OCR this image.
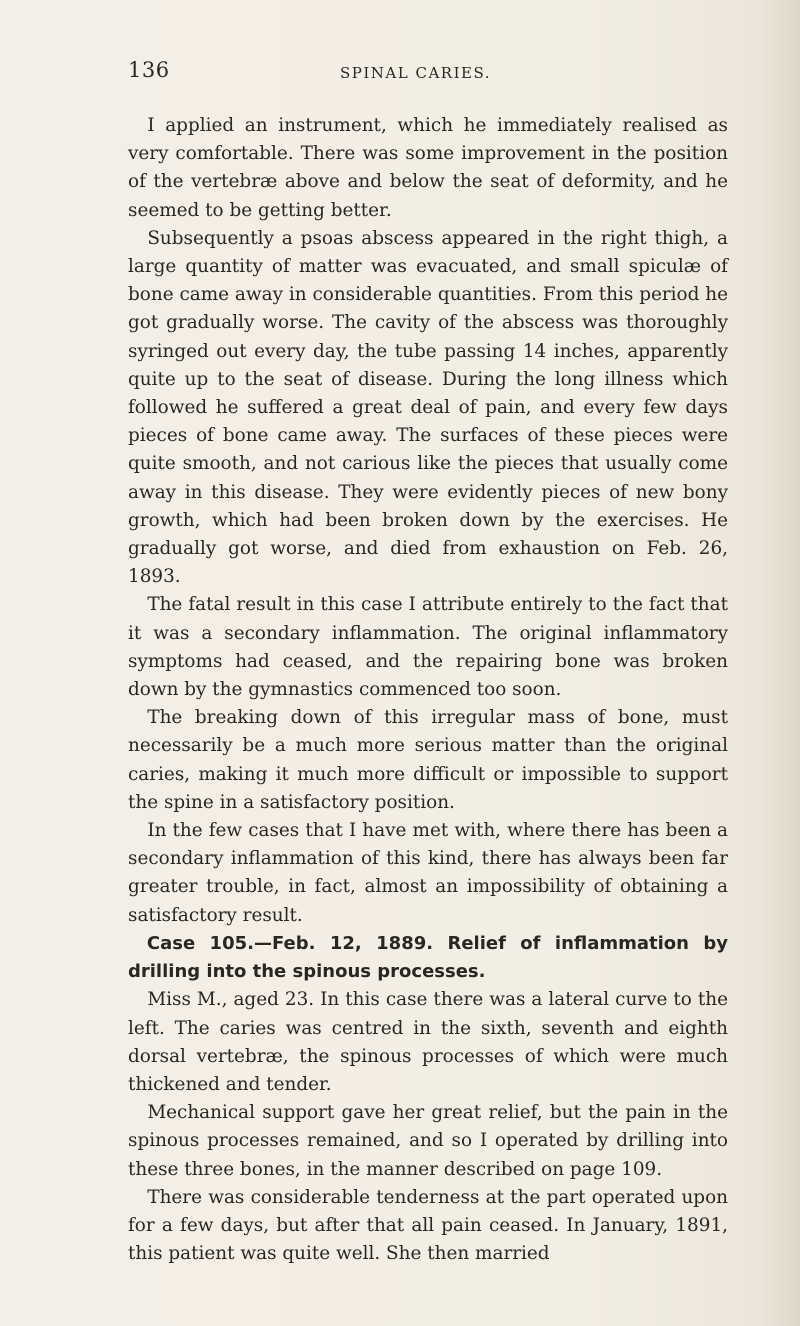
136	SPINAL CARIES.

I applied an instrument, which he immediately realised as very comfortable. There was some improvement in the position of the vertebræ above and below the seat of deformity, and he seemed to be getting better.

Subsequently a psoas abscess appeared in the right thigh, a large quantity of matter was evacuated, and small spiculæ of bone came away in considerable quantities. From this period he got gradually worse. The cavity of the abscess was thoroughly syringed out every day, the tube passing 14 inches, apparently quite up to the seat of disease. During the long illness which followed he suffered a great deal of pain, and every few days pieces of bone came away. The surfaces of these pieces were quite smooth, and not carious like the pieces that usually come away in this disease. They were evidently pieces of new bony growth, which had been broken down by the exercises. He gradually got worse, and died from exhaustion on Feb. 26, 1893.

The fatal result in this case I attribute entirely to the fact that it was a secondary inflammation. The original inflammatory symptoms had ceased, and the repairing bone was broken down by the gymnastics commenced too soon.

The breaking down of this irregular mass of bone, must necessarily be a much more serious matter than the original caries, making it much more difficult or impossible to support the spine in a satisfactory position.

In the few cases that I have met with, where there has been a secondary inflammation of this kind, there has always been far greater trouble, in fact, almost an impossibility of obtaining a satisfactory result.

Case 105.—Feb. 12, 1889. Relief of inflammation by drilling into the spinous processes.

Miss M., aged 23. In this case there was a lateral curve to the left. The caries was centred in the sixth, seventh and eighth dorsal vertebræ, the spinous processes of which were much thickened and tender.

Mechanical support gave her great relief, but the pain in the spinous processes remained, and so I operated by drilling into these three bones, in the manner described on page 109.

There was considerable tenderness at the part operated upon for a few days, but after that all pain ceased. In January, 1891, this patient was quite well. She then married
